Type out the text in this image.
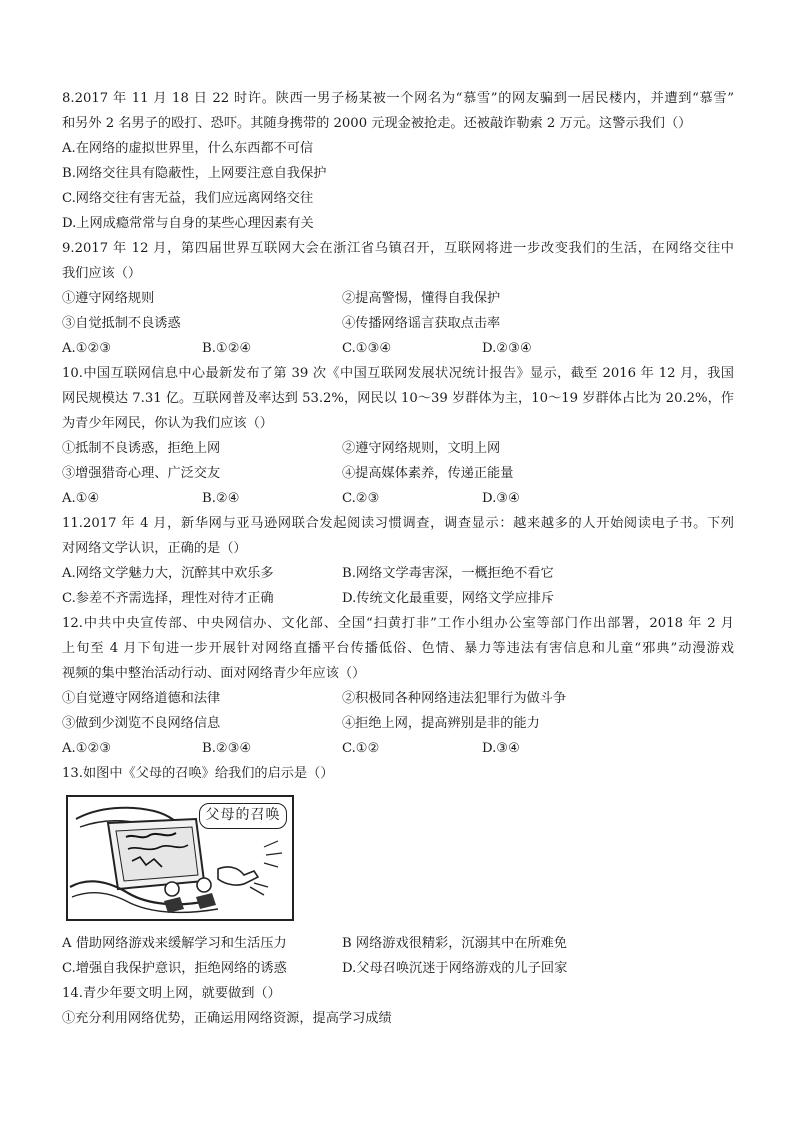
8.2017 年 11 月 18 日 22 时许。陕西一男子杨某被一个网名为“慕雪”的网友骗到一居民楼内，并遭到“慕雪”
和另外 2 名男子的殴打、恐吓。其随身携带的 2000 元现金被抢走。还被敲诈勒索 2 万元。这警示我们（）
A.在网络的虚拟世界里，什么东西都不可信
B.网络交往具有隐蔽性，上网要注意自我保护
C.网络交往有害无益，我们应远离网络交往
D.上网成瘾常常与自身的某些心理因素有关
9.2017 年 12 月，第四届世界互联网大会在浙江省乌镇召开，互联网将进一步改变我们的生活，在网络交往中
我们应该（）
①遵守网络规则	②提高警惕，懂得自我保护
③自觉抵制不良诱惑	④传播网络谣言获取点击率
A.①②③	B.①②④	C.①③④	D.②③④
10.中国互联网信息中心最新发布了第 39 次《中国互联网发展状况统计报告》显示，截至 2016 年 12 月，我国
网民规模达 7.31 亿。互联网普及率达到 53.2%，网民以 10～39 岁群体为主，10～19 岁群体占比为 20.2%，作
为青少年网民，你认为我们应该（）
①抵制不良诱惑，拒绝上网	②遵守网络规则，文明上网
③增强猎奇心理、广泛交友	④提高媒体素养，传递正能量
A.①④	B.②④	C.②③	D.③④
11.2017 年 4 月，新华网与亚马逊网联合发起阅读习惯调查，调查显示：越来越多的人开始阅读电子书。下列
对网络文学认识，正确的是（）
A.网络文学魅力大，沉醉其中欢乐多	B.网络文学毒害深，一概拒绝不看它
C.参差不齐需选择，理性对待才正确	D.传统文化最重要，网络文学应排斥
12.中共中央宣传部、中央网信办、文化部、全国“扫黄打非”工作小组办公室等部门作出部署，2018 年 2 月
上旬至 4 月下旬进一步开展针对网络直播平台传播低俗、色情、暴力等违法有害信息和儿童“邪典”动漫游戏
视频的集中整治活动行动、面对网络青少年应该（）
①自觉遵守网络道德和法律	②积极同各种网络违法犯罪行为做斗争
③做到少浏览不良网络信息	④拒绝上网，提高辨别是非的能力
A.①②③	B.②③④	C.①②	D.③④
13.如图中《父母的召唤》给我们的启示是（）
父母的召唤
A 借助网络游戏来缓解学习和生活压力	B 网络游戏很精彩，沉溺其中在所难免
C.增强自我保护意识，拒绝网络的诱惑	D.父母召唤沉迷于网络游戏的儿子回家
14.青少年要文明上网，就要做到（）
①充分利用网络优势，正确运用网络资源，提高学习成绩
